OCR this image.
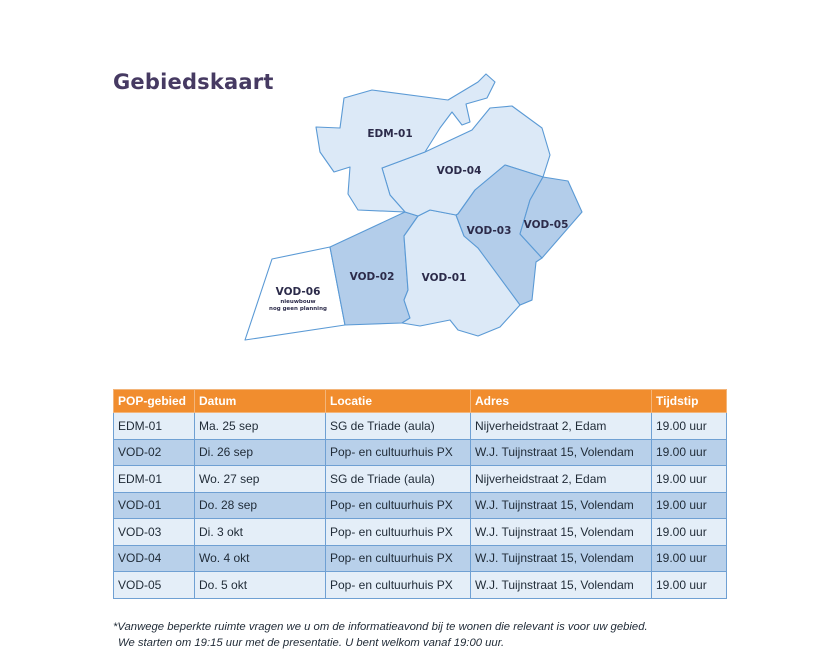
Gebiedskaart
EDM-01
VOD-04
VOD-03 VOD-05
VOD-02	VOD-01
VOD-06
nieuwbouw
nog geen planning
POP-gebied	Datum	Locatie	Adres	Tijdstip
EDM-01	Ma. 25 sep	SG de Triade (aula)	Nijverheidstraat 2, Edam	19.00 uur
VOD-02	Di. 26 sep	Pop- en cultuurhuis PX	W.J. Tuijnstraat 15, Volendam	19.00 uur
EDM-01	Wo. 27 sep	SG de Triade (aula)	Nijverheidstraat 2, Edam	19.00 uur
VOD-01	Do. 28 sep	Pop- en cultuurhuis PX	W.J. Tuijnstraat 15, Volendam	19.00 uur
VOD-03	Di. 3 okt	Pop- en cultuurhuis PX	W.J. Tuijnstraat 15, Volendam	19.00 uur
VOD-04	Wo. 4 okt	Pop- en cultuurhuis PX	W.J. Tuijnstraat 15, Volendam	19.00 uur
VOD-05	Do. 5 okt	Pop- en cultuurhuis PX	W.J. Tuijnstraat 15, Volendam	19.00 uur

*Vanwege beperkte ruimte vragen we u om de informatieavond bij te wonen die relevant is voor uw gebied.
We starten om 19:15 uur met de presentatie. U bent welkom vanaf 19:00 uur.
